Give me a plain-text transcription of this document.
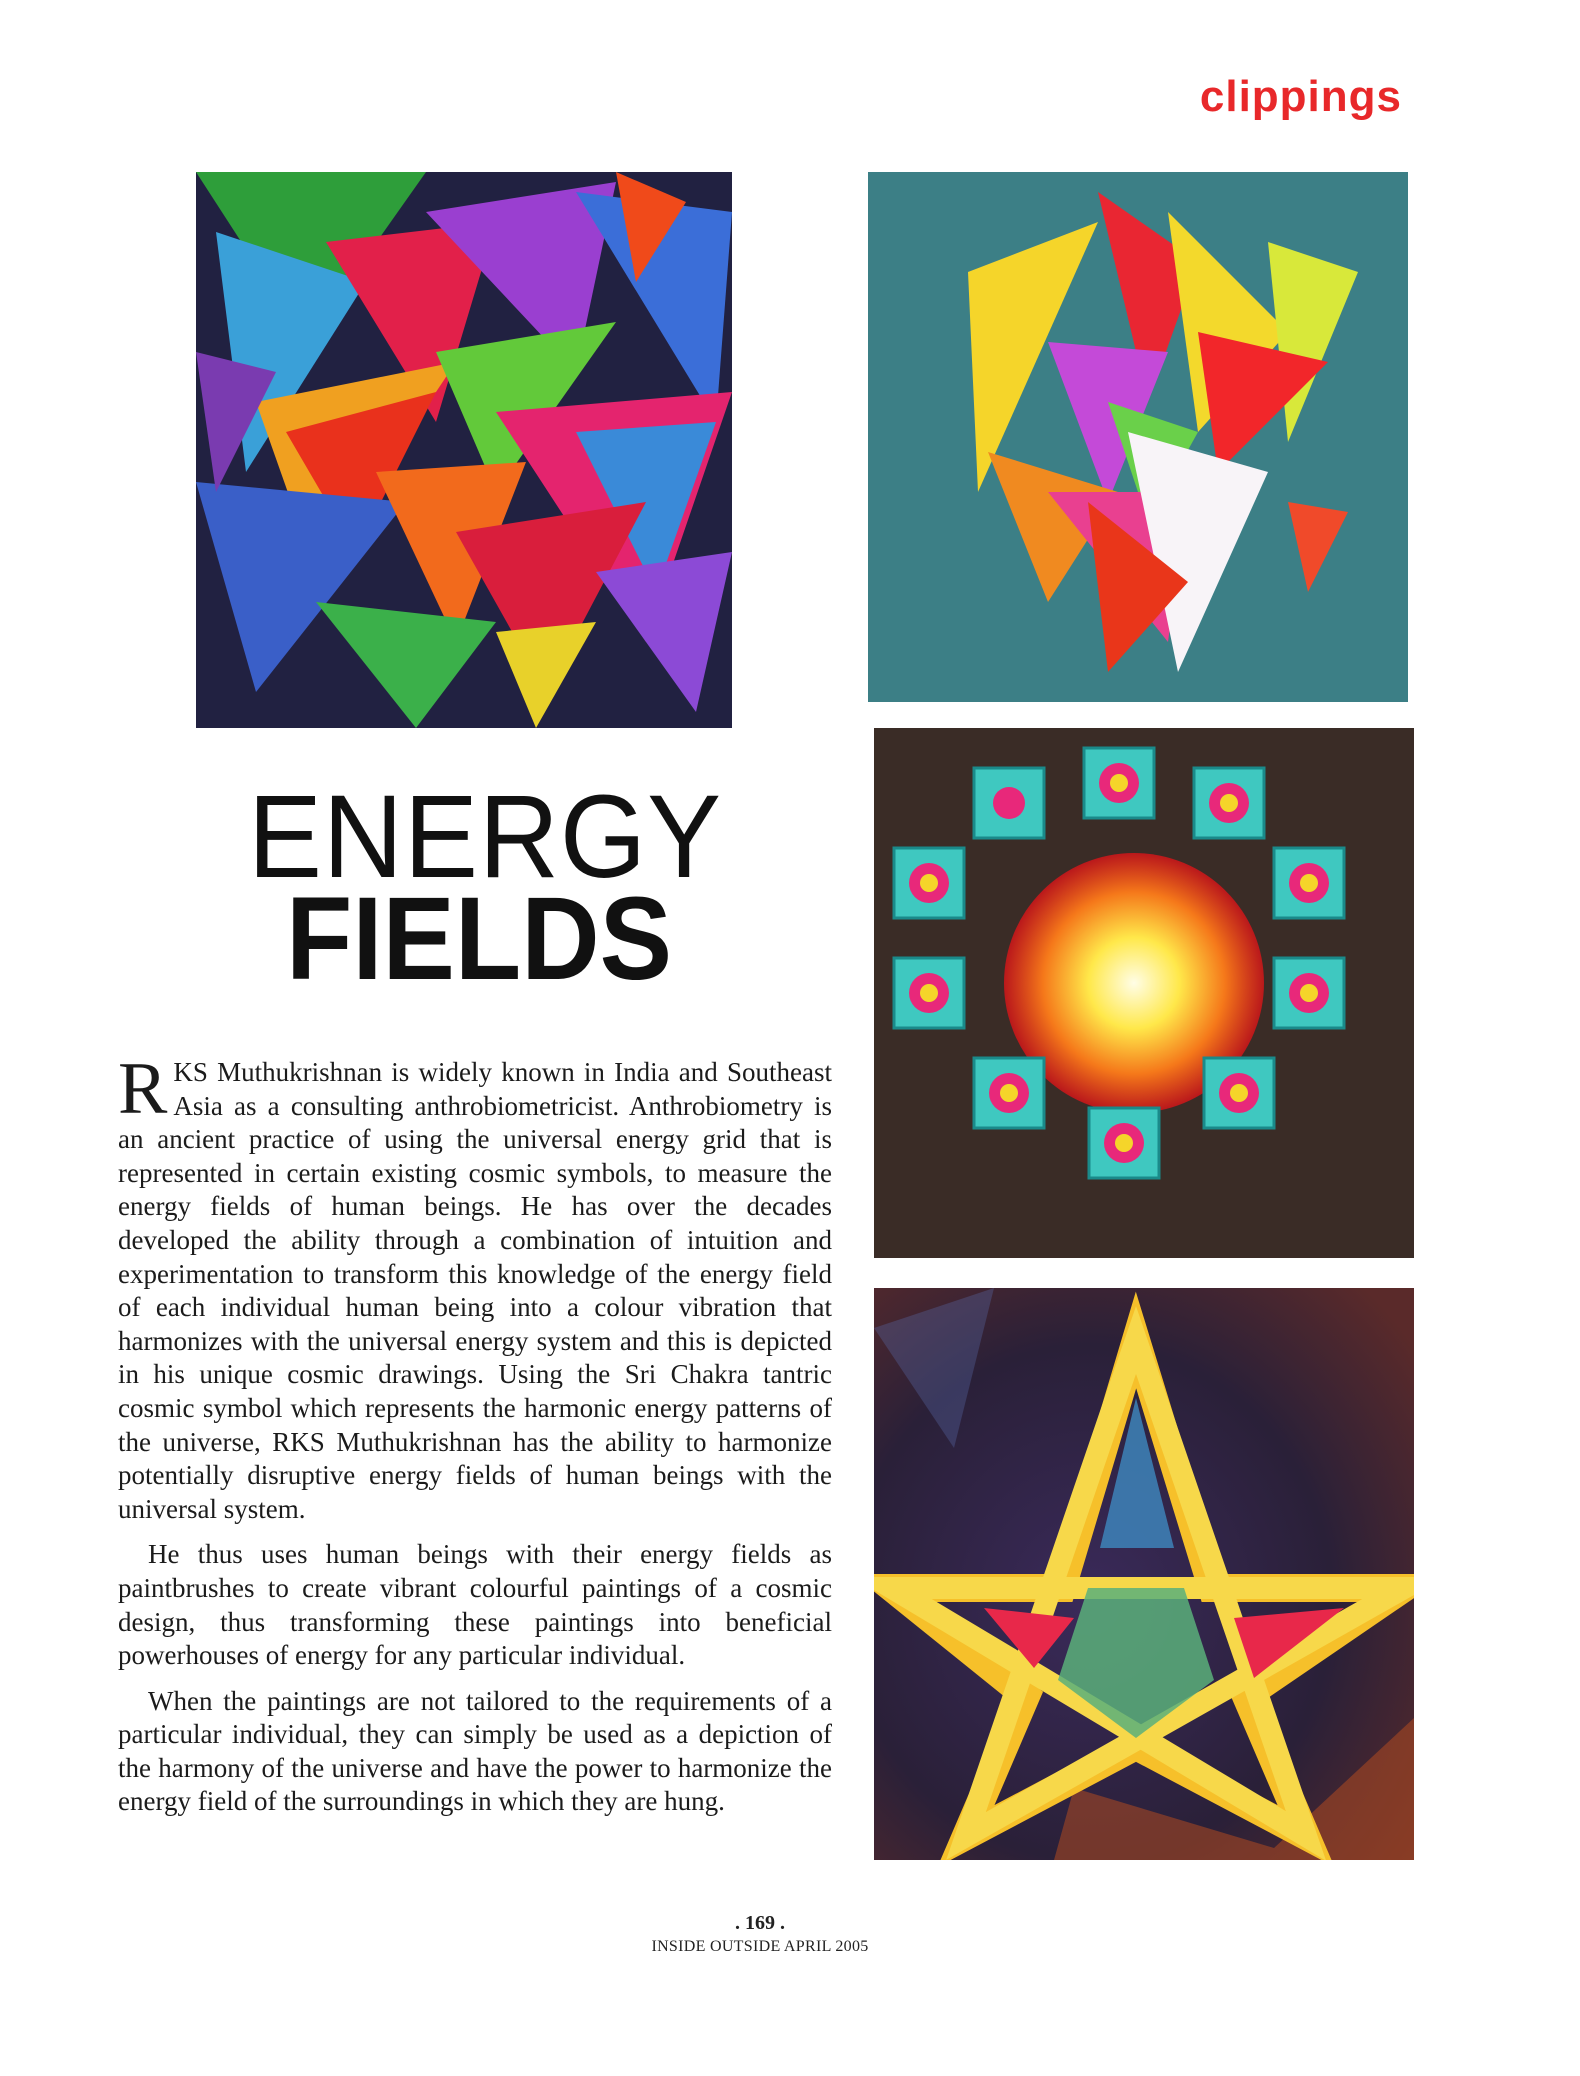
clippings
ENERGY
FIELDS

RKS Muthukrishnan is widely known in India and Southeast Asia as a consulting anthrobiometricist. Anthrobiometry is an ancient practice of using the universal energy grid that is represented in certain existing cosmic symbols, to measure the energy fields of human beings. He has over the decades developed the ability through a combination of intuition and experimentation to transform this knowledge of the energy field of each individual human being into a colour vibration that harmonizes with the universal energy system and this is depicted in his unique cosmic drawings. Using the Sri Chakra tantric cosmic symbol which represents the harmonic energy patterns of the universe, RKS Muthukrishnan has the ability to harmonize potentially disruptive energy fields of human beings with the universal system.

He thus uses human beings with their energy fields as paintbrushes to create vibrant colourful paintings of a cosmic design, thus transforming these paintings into beneficial powerhouses of energy for any particular individual.

When the paintings are not tailored to the requirements of a particular individual, they can simply be used as a depiction of the harmony of the universe and have the power to harmonize the energy field of the surroundings in which they are hung.

. 169 .
INSIDE OUTSIDE APRIL 2005
